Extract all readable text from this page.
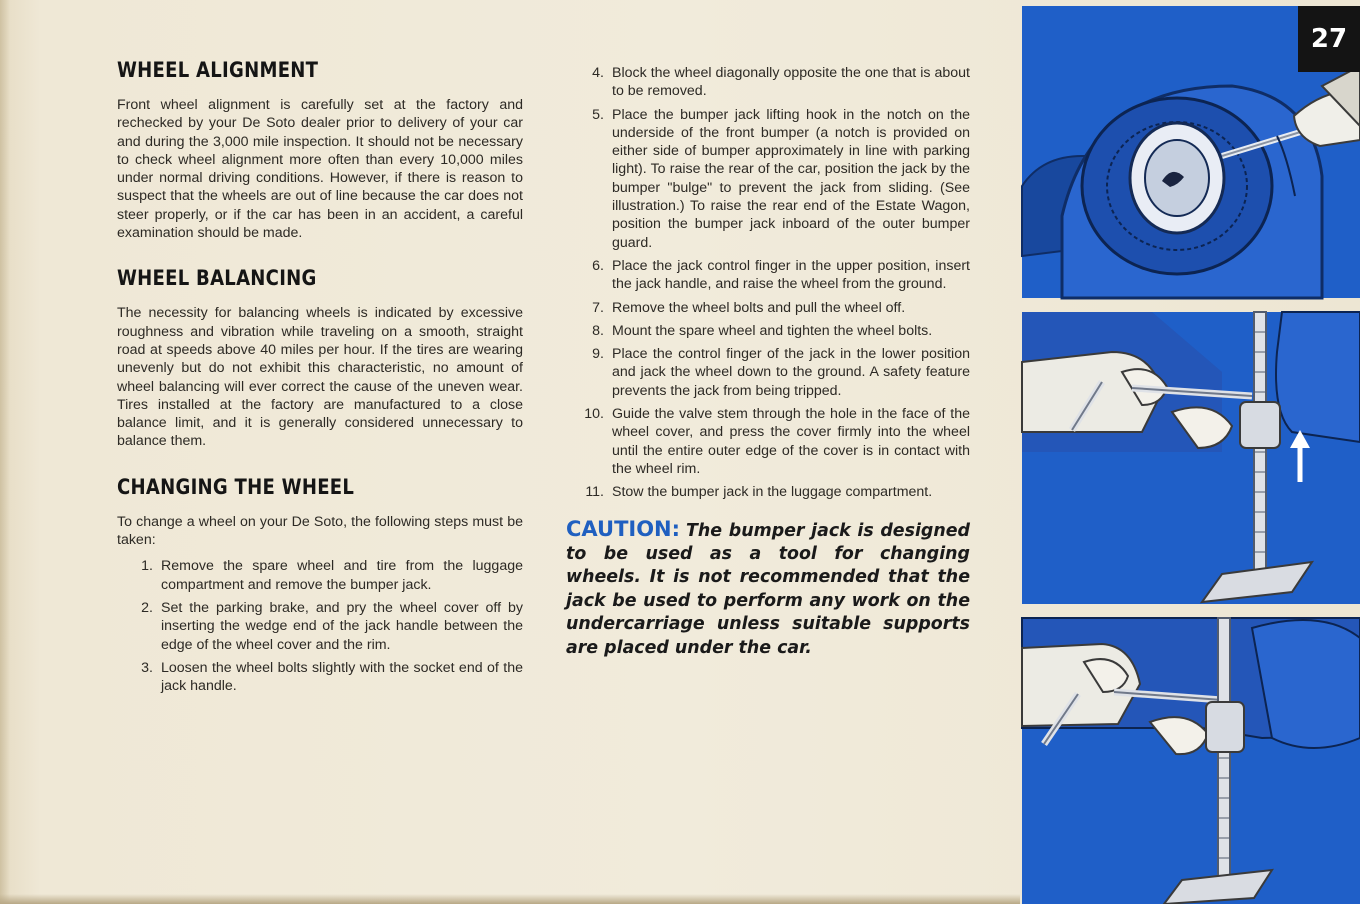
WHEEL ALIGNMENT

Front wheel alignment is carefully set at the factory and rechecked by your De Soto dealer prior to delivery of your car and during the 3,000 mile inspection. It should not be necessary to check wheel alignment more often than every 10,000 miles under normal driving conditions. However, if there is reason to suspect that the wheels are out of line because the car does not steer properly, or if the car has been in an accident, a careful examination should be made.

WHEEL BALANCING

The necessity for balancing wheels is indicated by excessive roughness and vibration while traveling on a smooth, straight road at speeds above 40 miles per hour. If the tires are wearing unevenly but do not exhibit this characteristic, no amount of wheel balancing will ever correct the cause of the uneven wear. Tires installed at the factory are manufactured to a close balance limit, and it is generally considered unnecessary to balance them.

CHANGING THE WHEEL

To change a wheel on your De Soto, the following steps must be taken:

1. Remove the spare wheel and tire from the luggage compartment and remove the bumper jack.
2. Set the parking brake, and pry the wheel cover off by inserting the wedge end of the jack handle between the edge of the wheel cover and the rim.
3. Loosen the wheel bolts slightly with the socket end of the jack handle.
4. Block the wheel diagonally opposite the one that is about to be removed.
5. Place the bumper jack lifting hook in the notch on the underside of the front bumper (a notch is provided on either side of bumper approximately in line with parking light). To raise the rear of the car, position the jack by the bumper "bulge" to prevent the jack from sliding. (See illustration.) To raise the rear end of the Estate Wagon, position the bumper jack inboard of the outer bumper guard.
6. Place the jack control finger in the upper position, insert the jack handle, and raise the wheel from the ground.
7. Remove the wheel bolts and pull the wheel off.
8. Mount the spare wheel and tighten the wheel bolts.
9. Place the control finger of the jack in the lower position and jack the wheel down to the ground. A safety feature prevents the jack from being tripped.
10. Guide the valve stem through the hole in the face of the wheel cover, and press the cover firmly into the wheel until the entire outer edge of the cover is in contact with the wheel rim.
11. Stow the bumper jack in the luggage compartment.
CAUTION: The bumper jack is designed to be used as a tool for changing wheels. It is not recommended that the jack be used to perform any work on the undercarriage unless suitable supports are placed under the car.
27
